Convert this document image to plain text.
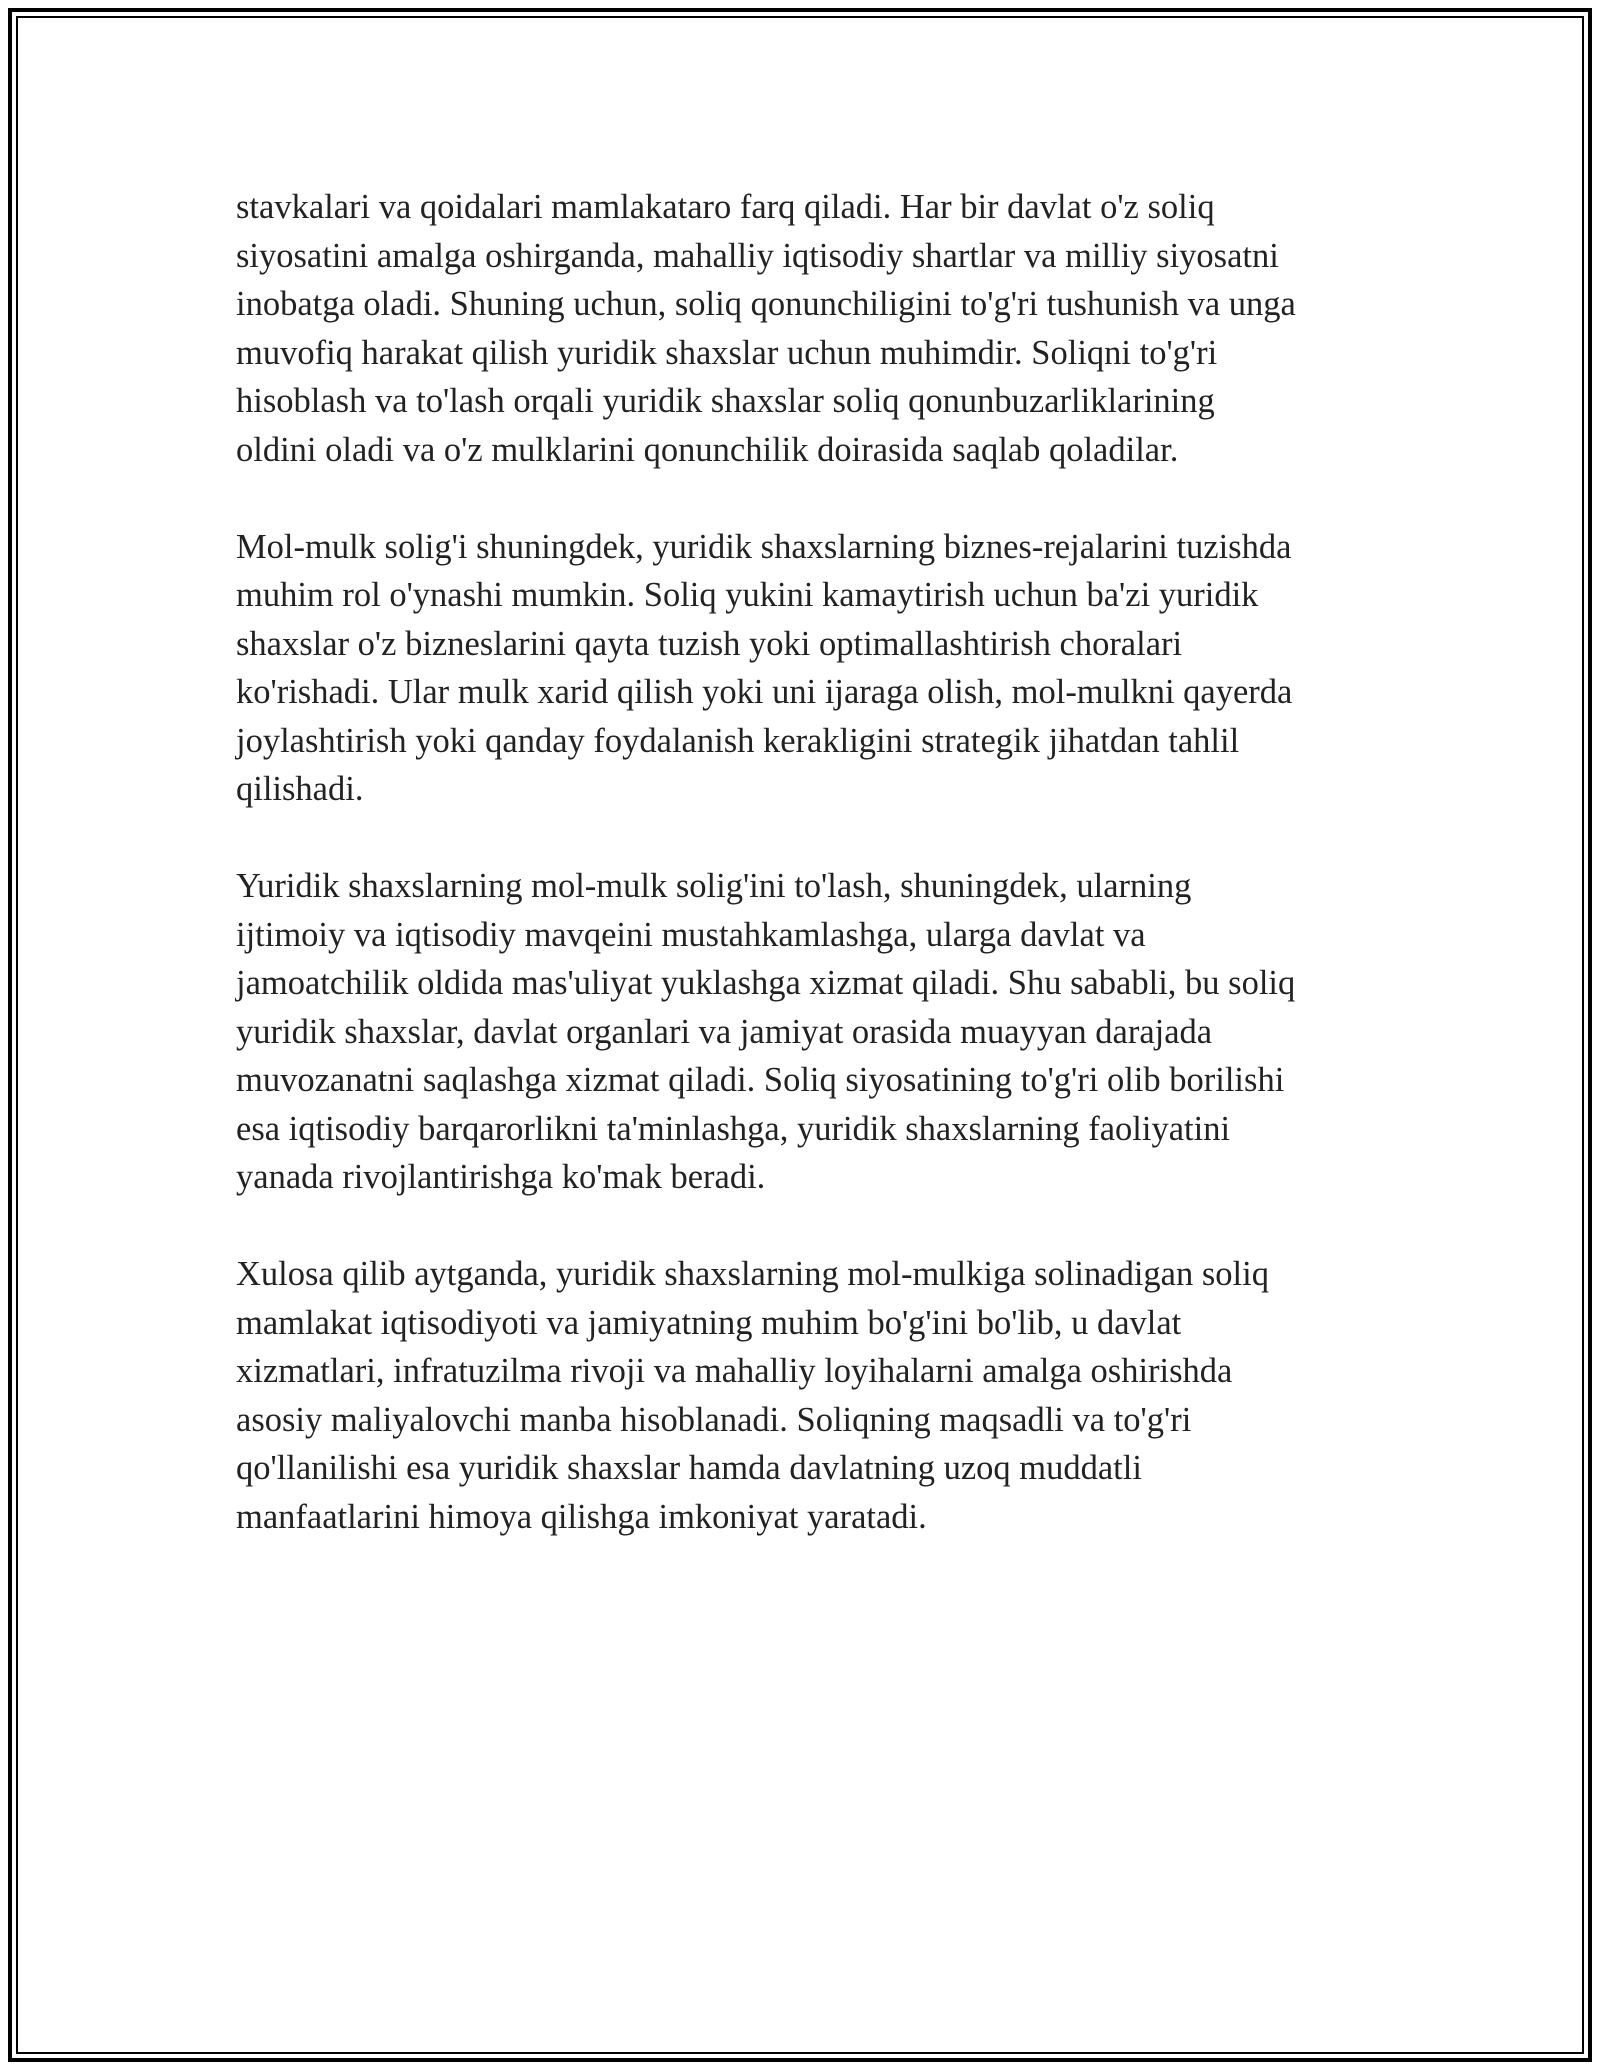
stavkalari va qoidalari mamlakataro farq qiladi. Har bir davlat o'z soliq
siyosatini amalga oshirganda, mahalliy iqtisodiy shartlar va milliy siyosatni
inobatga oladi. Shuning uchun, soliq qonunchiligini to'g'ri tushunish va unga
muvofiq harakat qilish yuridik shaxslar uchun muhimdir. Soliqni to'g'ri
hisoblash va to'lash orqali yuridik shaxslar soliq qonunbuzarliklarining
oldini oladi va o'z mulklarini qonunchilik doirasida saqlab qoladilar.

Mol-mulk solig'i shuningdek, yuridik shaxslarning biznes-rejalarini tuzishda
muhim rol o'ynashi mumkin. Soliq yukini kamaytirish uchun ba'zi yuridik
shaxslar o'z bizneslarini qayta tuzish yoki optimallashtirish choralari
ko'rishadi. Ular mulk xarid qilish yoki uni ijaraga olish, mol-mulkni qayerda
joylashtirish yoki qanday foydalanish kerakligini strategik jihatdan tahlil
qilishadi.

Yuridik shaxslarning mol-mulk solig'ini to'lash, shuningdek, ularning
ijtimoiy va iqtisodiy mavqeini mustahkamlashga, ularga davlat va
jamoatchilik oldida mas'uliyat yuklashga xizmat qiladi. Shu sababli, bu soliq
yuridik shaxslar, davlat organlari va jamiyat orasida muayyan darajada
muvozanatni saqlashga xizmat qiladi. Soliq siyosatining to'g'ri olib borilishi
esa iqtisodiy barqarorlikni ta'minlashga, yuridik shaxslarning faoliyatini
yanada rivojlantirishga ko'mak beradi.

Xulosa qilib aytganda, yuridik shaxslarning mol-mulkiga solinadigan soliq
mamlakat iqtisodiyoti va jamiyatning muhim bo'g'ini bo'lib, u davlat
xizmatlari, infratuzilma rivoji va mahalliy loyihalarni amalga oshirishda
asosiy maliyalovchi manba hisoblanadi. Soliqning maqsadli va to'g'ri
qo'llanilishi esa yuridik shaxslar hamda davlatning uzoq muddatli
manfaatlarini himoya qilishga imkoniyat yaratadi.
